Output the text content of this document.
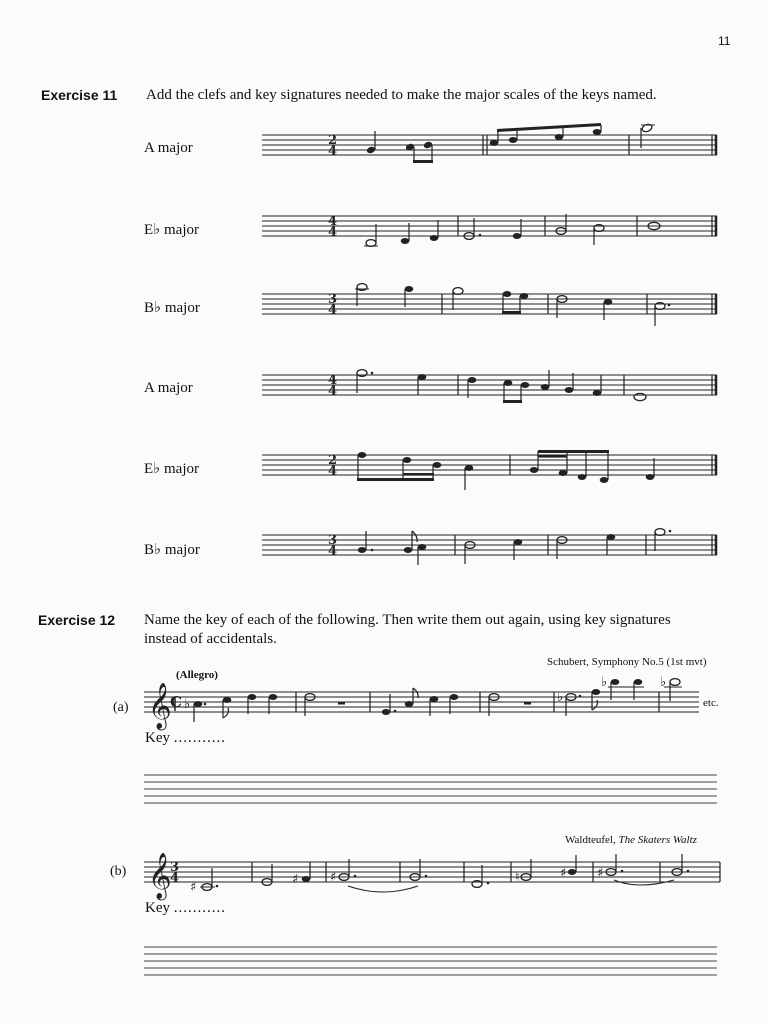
11
Exercise 11 Add the clefs and key signatures needed to make the major scales of the keys named.
A major
E♭ major
B♭ major
A major
E♭ major
B♭ major
Exercise 12 Name the key of each of the following. Then write them out again, using key signatures
instead of accidentals.
Schubert, Symphony No.5 (1st mvt)
(Allegro)
(a)	etc.
Key ...........
Waldteufel, The Skaters Waltz
(b)
Key ...........
2
4
4
4
3
4
4
4
2
4
3
4
𝄞
C ♭	♭
♭	♭
𝄞
3
4
♯
♯ ♯	♮	♯ ♯
